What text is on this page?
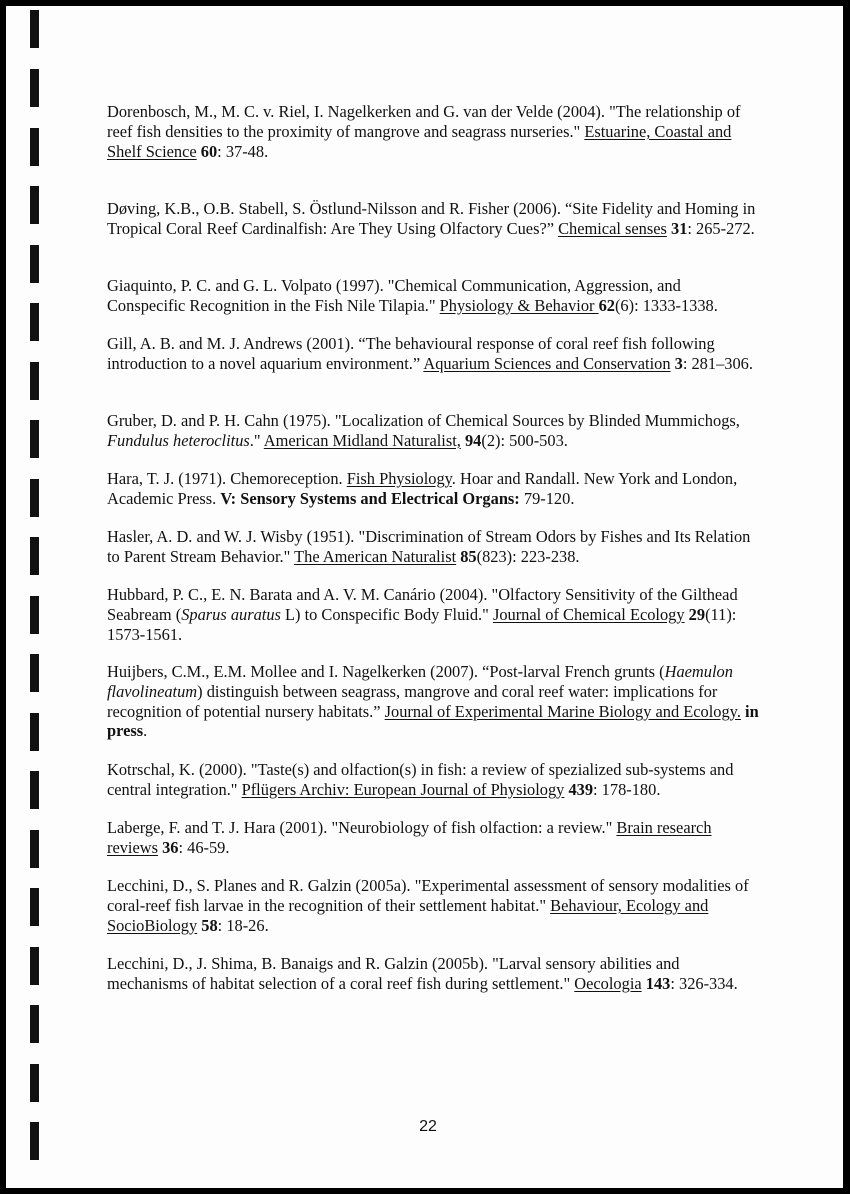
Dorenbosch, M., M. C. v. Riel, I. Nagelkerken and G. van der Velde (2004). "The relationship of reef fish densities to the proximity of mangrove and seagrass nurseries." Estuarine, Coastal and Shelf Science 60: 37-48.

Døving, K.B., O.B. Stabell, S. Östlund-Nilsson and R. Fisher (2006). “Site Fidelity and Homing in Tropical Coral Reef Cardinalfish: Are They Using Olfactory Cues?” Chemical senses 31: 265-272.

Giaquinto, P. C. and G. L. Volpato (1997). "Chemical Communication, Aggression, and Conspecific Recognition in the Fish Nile Tilapia." Physiology & Behavior 62(6): 1333-1338.

Gill, A. B. and M. J. Andrews (2001). “The behavioural response of coral reef fish following introduction to a novel aquarium environment.” Aquarium Sciences and Conservation 3: 281–306.

Gruber, D. and P. H. Cahn (1975). "Localization of Chemical Sources by Blinded Mummichogs, Fundulus heteroclitus." American Midland Naturalist, 94(2): 500-503.

Hara, T. J. (1971). Chemoreception. Fish Physiology. Hoar and Randall. New York and London, Academic Press. V: Sensory Systems and Electrical Organs: 79-120.

Hasler, A. D. and W. J. Wisby (1951). "Discrimination of Stream Odors by Fishes and Its Relation to Parent Stream Behavior." The American Naturalist 85(823): 223-238.

Hubbard, P. C., E. N. Barata and A. V. M. Canário (2004). "Olfactory Sensitivity of the Gilthead Seabream (Sparus auratus L) to Conspecific Body Fluid." Journal of Chemical Ecology 29(11): 1573-1561.

Huijbers, C.M., E.M. Mollee and I. Nagelkerken (2007). “Post-larval French grunts (Haemulon flavolineatum) distinguish between seagrass, mangrove and coral reef water: implications for recognition of potential nursery habitats.” Journal of Experimental Marine Biology and Ecology. in press.

Kotrschal, K. (2000). "Taste(s) and olfaction(s) in fish: a review of spezialized sub-systems and central integration." Pflügers Archiv: European Journal of Physiology 439: 178-180.

Laberge, F. and T. J. Hara (2001). "Neurobiology of fish olfaction: a review." Brain research reviews 36: 46-59.

Lecchini, D., S. Planes and R. Galzin (2005a). "Experimental assessment of sensory modalities of coral-reef fish larvae in the recognition of their settlement habitat." Behaviour, Ecology and SocioBiology 58: 18-26.

Lecchini, D., J. Shima, B. Banaigs and R. Galzin (2005b). "Larval sensory abilities and mechanisms of habitat selection of a coral reef fish during settlement." Oecologia 143: 326-334.

22
